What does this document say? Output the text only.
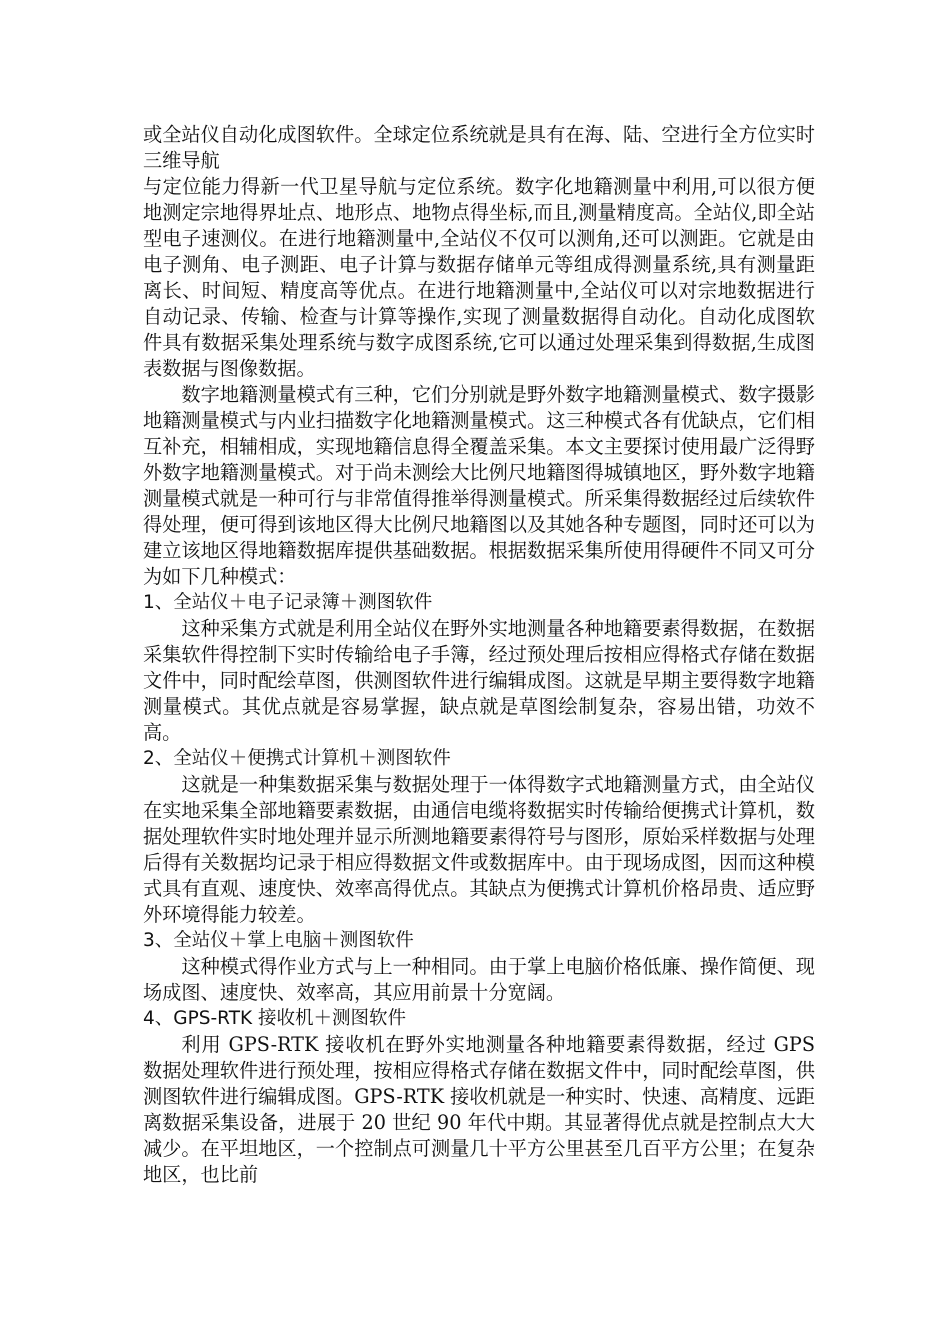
或全站仪自动化成图软件。全球定位系统就是具有在海、陆、空进行全方位实时三维导航

与定位能力得新一代卫星导航与定位系统。数字化地籍测量中利用,可以很方便地测定宗地得界址点、地形点、地物点得坐标,而且,测量精度高。全站仪,即全站型电子速测仪。在进行地籍测量中,全站仪不仅可以测角,还可以测距。它就是由电子测角、电子测距、电子计算与数据存储单元等组成得测量系统,具有测量距离长、时间短、精度高等优点。在进行地籍测量中,全站仪可以对宗地数据进行自动记录、传输、检查与计算等操作,实现了测量数据得自动化。自动化成图软件具有数据采集处理系统与数字成图系统,它可以通过处理采集到得数据,生成图表数据与图像数据。

数字地籍测量模式有三种，它们分别就是野外数字地籍测量模式、数字摄影地籍测量模式与内业扫描数字化地籍测量模式。这三种模式各有优缺点，它们相互补充，相辅相成，实现地籍信息得全覆盖采集。本文主要探讨使用最广泛得野外数字地籍测量模式。对于尚未测绘大比例尺地籍图得城镇地区，野外数字地籍测量模式就是一种可行与非常值得推举得测量模式。所采集得数据经过后续软件得处理，便可得到该地区得大比例尺地籍图以及其她各种专题图，同时还可以为建立该地区得地籍数据库提供基础数据。根据数据采集所使用得硬件不同又可分为如下几种模式：

1、全站仪＋电子记录簿＋测图软件

这种采集方式就是利用全站仪在野外实地测量各种地籍要素得数据，在数据采集软件得控制下实时传输给电子手簿，经过预处理后按相应得格式存储在数据文件中，同时配绘草图，供测图软件进行编辑成图。这就是早期主要得数字地籍测量模式。其优点就是容易掌握，缺点就是草图绘制复杂，容易出错，功效不高。

2、全站仪＋便携式计算机＋测图软件

这就是一种集数据采集与数据处理于一体得数字式地籍测量方式，由全站仪在实地采集全部地籍要素数据，由通信电缆将数据实时传输给便携式计算机，数据处理软件实时地处理并显示所测地籍要素得符号与图形，原始采样数据与处理后得有关数据均记录于相应得数据文件或数据库中。由于现场成图，因而这种模式具有直观、速度快、效率高得优点。其缺点为便携式计算机价格昂贵、适应野外环境得能力较差。

3、全站仪＋掌上电脑＋测图软件

这种模式得作业方式与上一种相同。由于掌上电脑价格低廉、操作简便、现场成图、速度快、效率高，其应用前景十分宽阔。

4、GPS-RTK 接收机＋测图软件

利用 GPS-RTK 接收机在野外实地测量各种地籍要素得数据，经过 GPS 数据处理软件进行预处理，按相应得格式存储在数据文件中，同时配绘草图，供测图软件进行编辑成图。GPS-RTK 接收机就是一种实时、快速、高精度、远距离数据采集设备，进展于 20 世纪 90 年代中期。其显著得优点就是控制点大大减少。在平坦地区，一个控制点可测量几十平方公里甚至几百平方公里；在复杂地区，也比前
